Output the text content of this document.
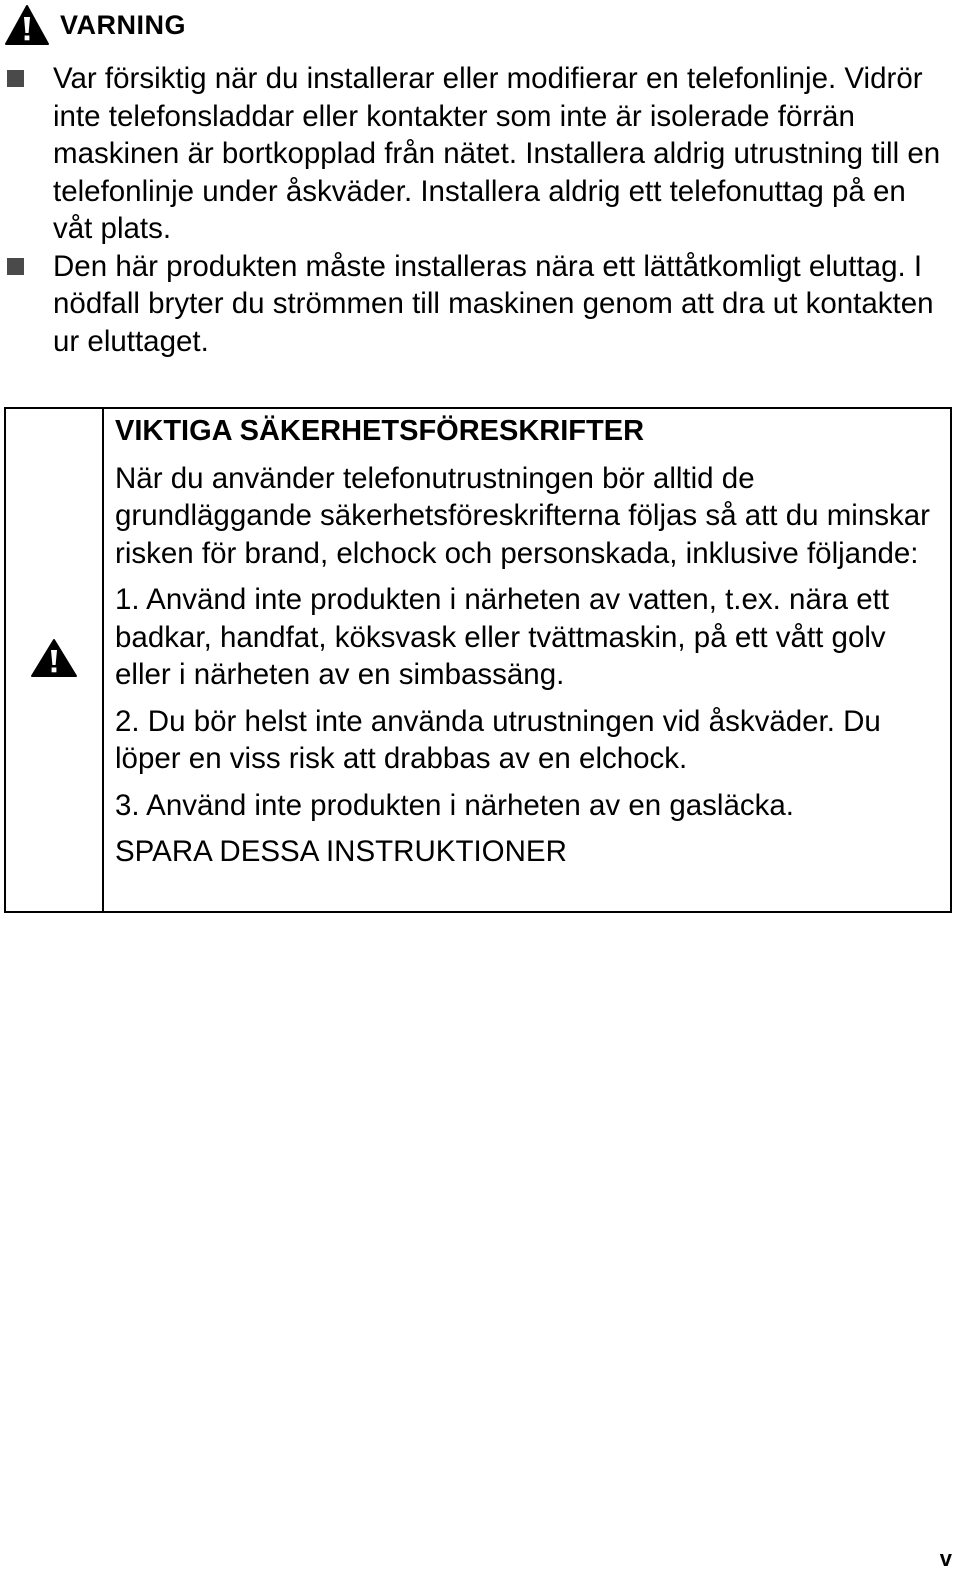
VARNING
Var försiktig när du installerar eller modifierar en telefonlinje. Vidrör inte telefonsladdar eller kontakter som inte är isolerade förrän maskinen är bortkopplad från nätet. Installera aldrig utrustning till en telefonlinje under åskväder. Installera aldrig ett telefonuttag på en våt plats.
Den här produkten måste installeras nära ett lättåtkomligt eluttag. I nödfall bryter du strömmen till maskinen genom att dra ut kontakten ur eluttaget.

VIKTIGA SÄKERHETSFÖRESKRIFTER

När du använder telefonutrustningen bör alltid de grundläggande säkerhetsföreskrifterna följas så att du minskar risken för brand, elchock och personskada, inklusive följande:

1. Använd inte produkten i närheten av vatten, t.ex. nära ett badkar, handfat, köksvask eller tvättmaskin, på ett vått golv eller i närheten av en simbassäng.

2. Du bör helst inte använda utrustningen vid åskväder. Du löper en viss risk att drabbas av en elchock.

3. Använd inte produkten i närheten av en gasläcka.

SPARA DESSA INSTRUKTIONER

v
